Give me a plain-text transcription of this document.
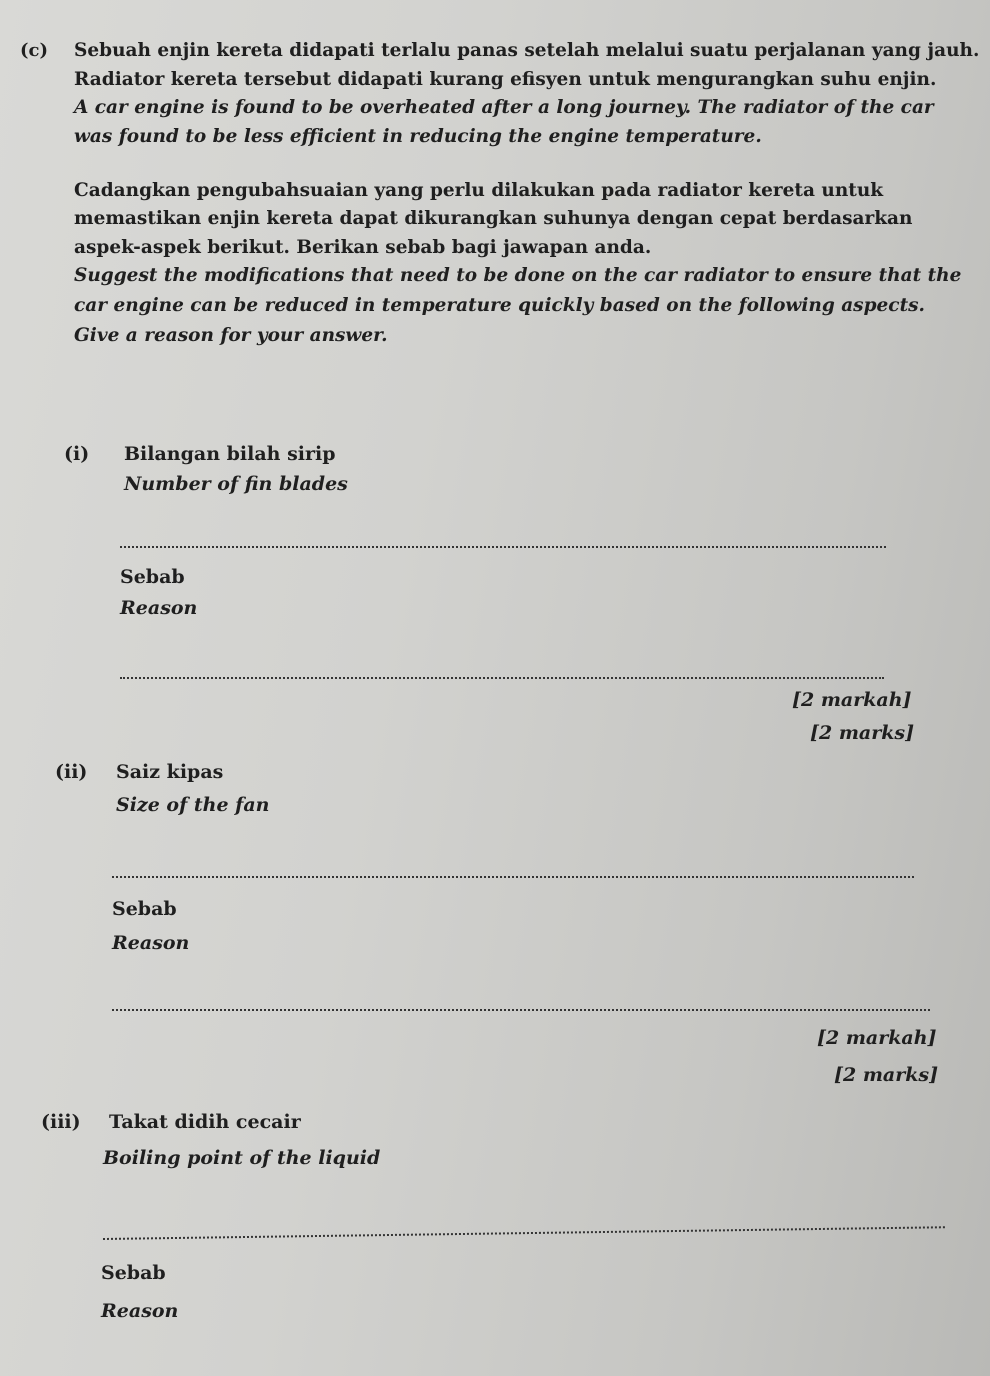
(c) Sebuah enjin kereta didapati terlalu panas setelah melalui suatu perjalanan yang jauh.
Radiator kereta tersebut didapati kurang efisyen untuk mengurangkan suhu enjin.
A car engine is found to be overheated after a long journey. The radiator of the car
was found to be less efficient in reducing the engine temperature.
Cadangkan pengubahsuaian yang perlu dilakukan pada radiator kereta untuk
memastikan enjin kereta dapat dikurangkan suhunya dengan cepat berdasarkan
aspek-aspek berikut. Berikan sebab bagi jawapan anda.
Suggest the modifications that need to be done on the car radiator to ensure that the
car engine can be reduced in temperature quickly based on the following aspects.
Give a reason for your answer.
(i) Bilangan bilah sirip
Number of fin blades
Sebab
Reason
[2 markah]
[2 marks]
(ii) Saiz kipas
Size of the fan
Sebab
Reason
[2 markah]
[2 marks]
(iii) Takat didih cecair
Boiling point of the liquid
Sebab
Reason
